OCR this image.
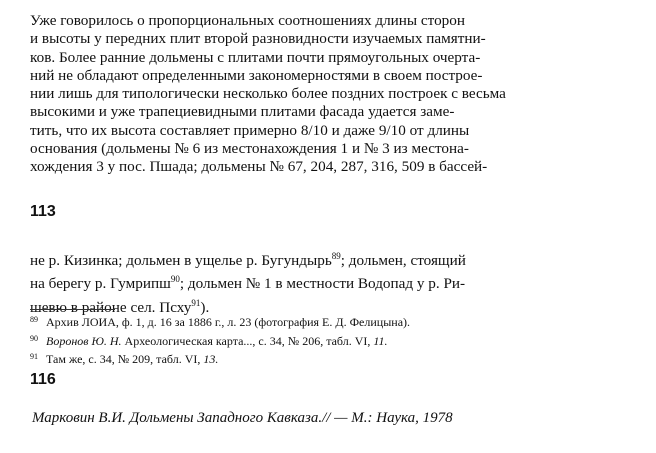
Уже говорилось о пропорциональных соотношениях длины сторон
и высоты у передних плит второй разновидности изучаемых памятни-
ков. Более ранние дольмены с плитами почти прямоугольных очерта-
ний не обладают определенными закономерностями в своем построе-
нии лишь для типологически несколько более поздних построек с весьма
высокими и уже трапециевидными плитами фасада удается заме-
тить, что их высота составляет примерно 8/10 и даже 9/10 от длины
основания (дольмены № 6 из местонахождения 1 и № 3 из местона-
хождения 3 у пос. Пшада; дольмены № 67, 204, 287, 316, 509 в бассей-
113
не р. Кизинка; дольмен в ущелье р. Бугундырь$^{89}$; дольмен, стоящий
на берегу р. Гумрипш$^{90}$; дольмен № 1 в местности Водопад у р. Ри-
шевю в районе сел. Псху$^{91}$).
$^{89}$ Архив ЛОИА, ф. 1, д. 16 за 1886 г., л. 23 (фотография Е. Д. Фелицына).
$^{90}$ Воронов Ю. Н. Археологическая карта..., с. 34, № 206, табл. VI, 11.
$^{91}$ Там же, с. 34, № 209, табл. VI, 13.
116
Марковин В.И. Дольмены Западного Кавказа.// — М.: Наука, 1978
